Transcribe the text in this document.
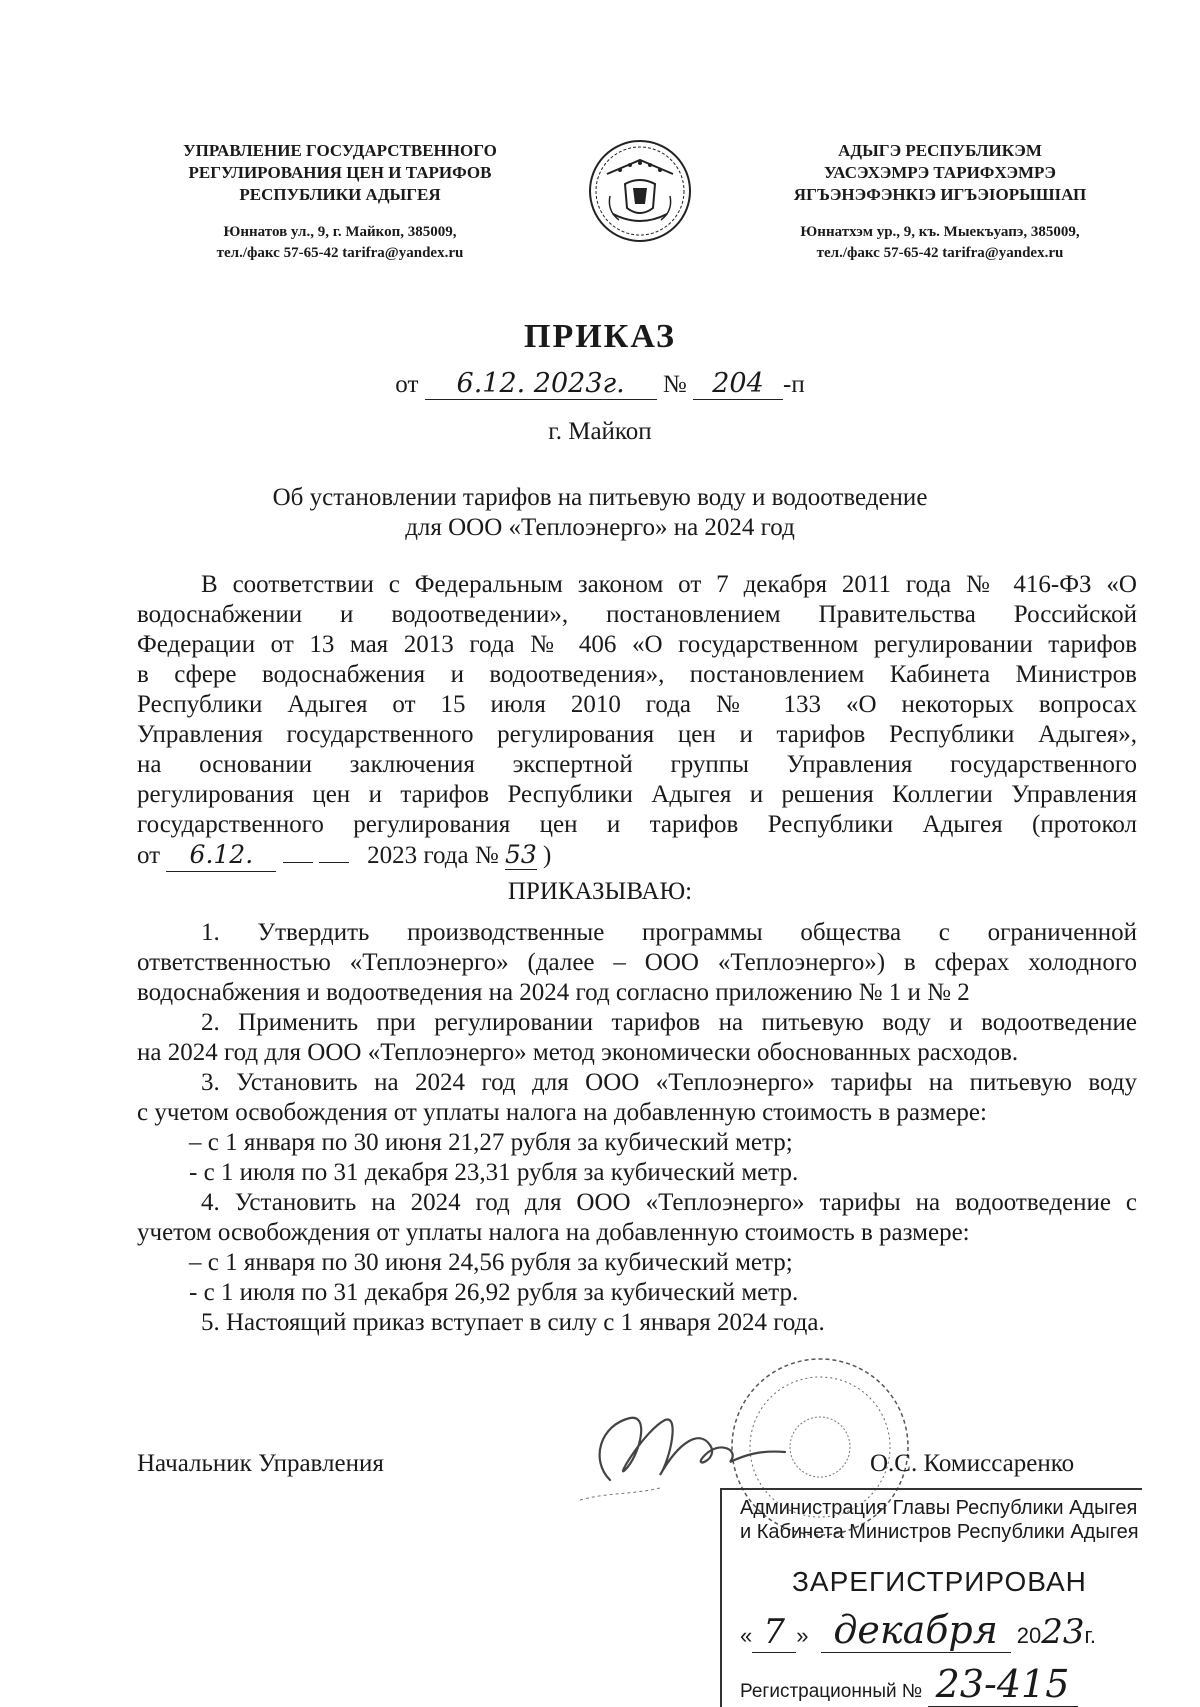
УПРАВЛЕНИЕ ГОСУДАРСТВЕННОГО
РЕГУЛИРОВАНИЯ ЦЕН И ТАРИФОВ
РЕСПУБЛИКИ АДЫГЕЯ
Юннатов ул., 9, г. Майкоп, 385009,
тел./факс 57-65-42 tarifra@yandex.ru
АДЫГЭ РЕСПУБЛИКЭМ
УАСЭХЭМРЭ ТАРИФХЭМРЭ
ЯГЪЭНЭФЭНКIЭ ИГЪЭIОРЫШIАП
Юннатхэм ур., 9, къ. Мыекъуапэ, 385009,
тел./факс 57-65-42 tarifra@yandex.ru
ПРИКАЗ
от 6.12. 2023г. № 204 -п
г. Майкоп
Об установлении тарифов на питьевую воду и водоотведение
для ООО «Теплоэнерго» на 2024 год
В соответствии с Федеральным законом от 7 декабря 2011 года № 416-ФЗ «О
водоснабжении и водоотведении», постановлением Правительства Российской
Федерации от 13 мая 2013 года № 406 «О государственном регулировании тарифов
в сфере водоснабжения и водоотведения», постановлением Кабинета Министров
Республики Адыгея от 15 июля 2010 года № 133 «О некоторых вопросах
Управления государственного регулирования цен и тарифов Республики Адыгея»,
на основании заключения экспертной группы Управления государственного
регулирования цен и тарифов Республики Адыгея и решения Коллегии Управления
государственного регулирования цен и тарифов Республики Адыгея (протокол
от 6.12.	2023 года № 53 )
ПРИКАЗЫВАЮ:
1. Утвердить производственные программы общества с ограниченной
ответственностью «Теплоэнерго» (далее – ООО «Теплоэнерго») в сферах холодного
водоснабжения и водоотведения на 2024 год согласно приложению № 1 и № 2
2. Применить при регулировании тарифов на питьевую воду и водоотведение
на 2024 год для ООО «Теплоэнерго» метод экономически обоснованных расходов.
3. Установить на 2024 год для ООО «Теплоэнерго» тарифы на питьевую воду
с учетом освобождения от уплаты налога на добавленную стоимость в размере:
– с 1 января по 30 июня 21,27 рубля за кубический метр;
- с 1 июля по 31 декабря 23,31 рубля за кубический метр.
4. Установить на 2024 год для ООО «Теплоэнерго» тарифы на водоотведение с
учетом освобождения от уплаты налога на добавленную стоимость в размере:
– с 1 января по 30 июня 24,56 рубля за кубический метр;
- с 1 июля по 31 декабря 26,92 рубля за кубический метр.
5. Настоящий приказ вступает в силу с 1 января 2024 года.
Начальник Управления	О.С. Комиссаренко
Администрация Главы Республики Адыгея
и Кабинета Министров Республики Адыгея
ЗАРЕГИСТРИРОВАН
« 7 » декабря 2023г.
Регистрационный № 23-415
